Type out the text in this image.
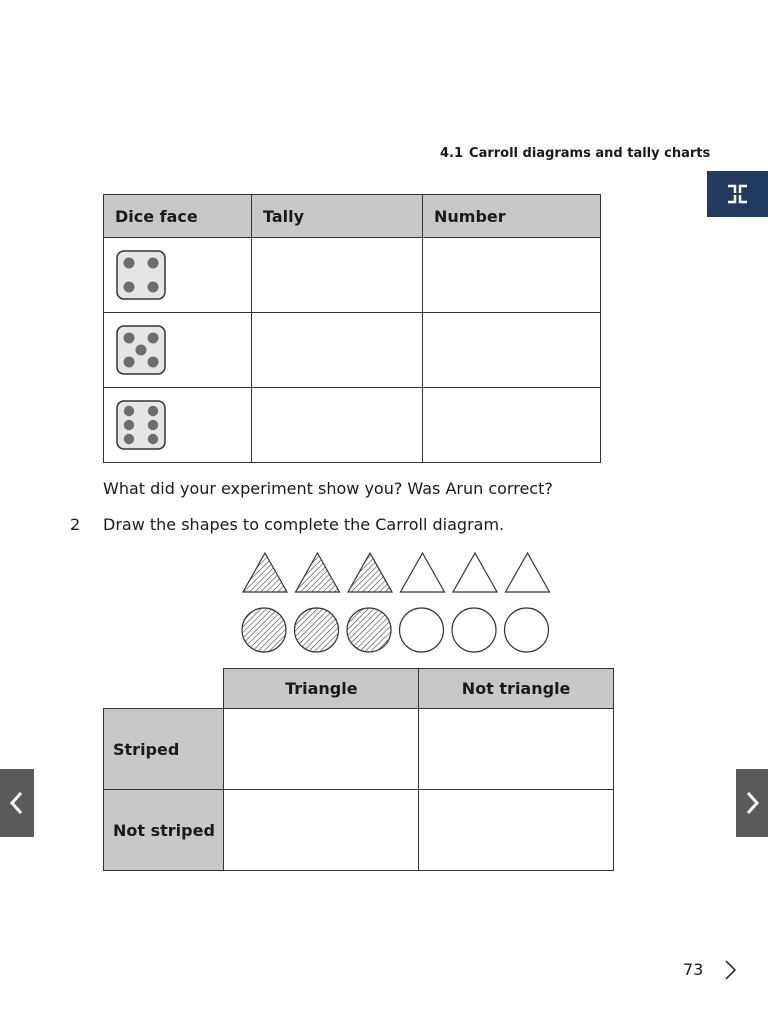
4.1 Carroll diagrams and tally charts
Dice face	Tally	Number

What did your experiment show you? Was Arun correct?
2 Draw the shapes to complete the Carroll diagram.
	Triangle	Not triangle
Striped		
Not striped		
73
